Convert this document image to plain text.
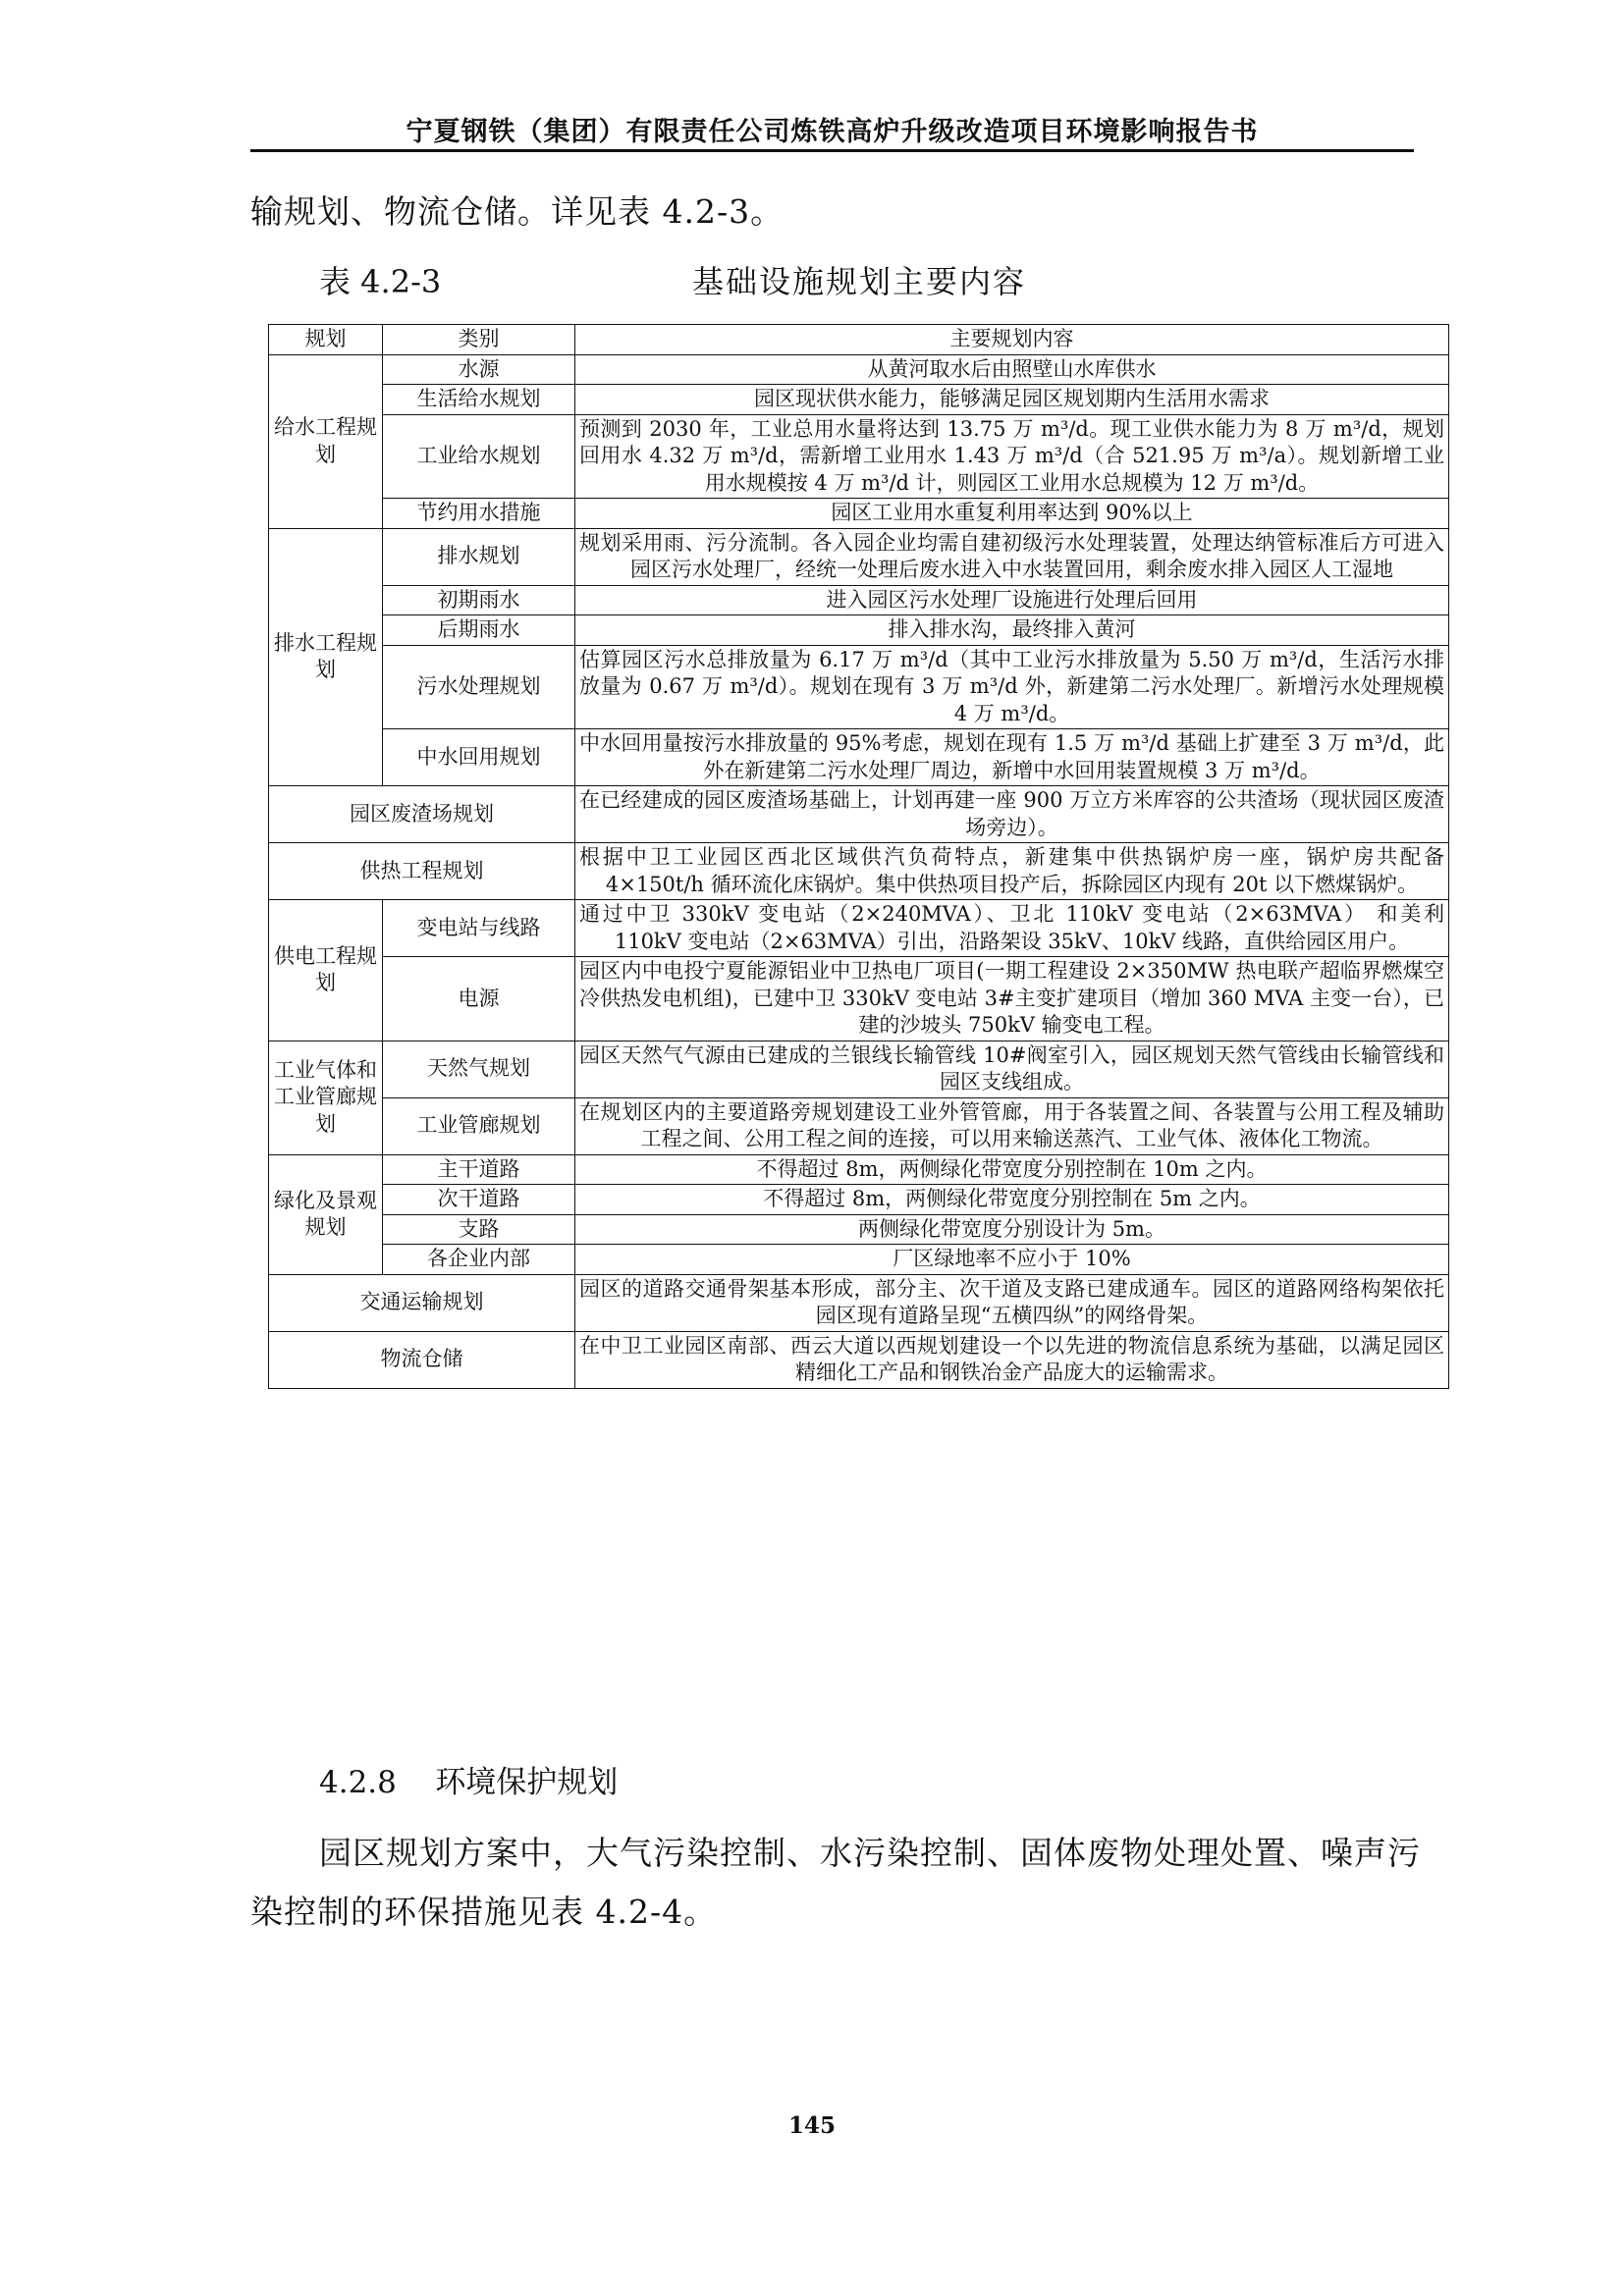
宁夏钢铁（集团）有限责任公司炼铁高炉升级改造项目环境影响报告书
输规划、物流仓储。详见表 4.2-3。
表 4.2-3	基础设施规划主要内容
规划	类别	主要规划内容
给水工程规划	水源	从黄河取水后由照壁山水库供水
	生活给水规划	园区现状供水能力，能够满足园区规划期内生活用水需求
	工业给水规划	预测到 2030 年，工业总用水量将达到 13.75 万 m³/d。现工业供水能力为 8 万 m³/d，规划回用水 4.32 万 m³/d，需新增工业用水 1.43 万 m³/d（合 521.95 万 m³/a）。规划新增工业用水规模按 4 万 m³/d 计，则园区工业用水总规模为 12 万 m³/d。
	节约用水措施	园区工业用水重复利用率达到 90%以上
排水工程规划	排水规划	规划采用雨、污分流制。各入园企业均需自建初级污水处理装置，处理达纳管标准后方可进入园区污水处理厂，经统一处理后废水进入中水装置回用，剩余废水排入园区人工湿地
	初期雨水	进入园区污水处理厂设施进行处理后回用
	后期雨水	排入排水沟，最终排入黄河
	污水处理规划	估算园区污水总排放量为 6.17 万 m³/d（其中工业污水排放量为 5.50 万 m³/d，生活污水排放量为 0.67 万 m³/d）。规划在现有 3 万 m³/d 外，新建第二污水处理厂。新增污水处理规模 4 万 m³/d。
	中水回用规划	中水回用量按污水排放量的 95%考虑，规划在现有 1.5 万 m³/d 基础上扩建至 3 万 m³/d，此外在新建第二污水处理厂周边，新增中水回用装置规模 3 万 m³/d。
园区废渣场规划		在已经建成的园区废渣场基础上，计划再建一座 900 万立方米库容的公共渣场（现状园区废渣场旁边）。
供热工程规划		根据中卫工业园区西北区域供汽负荷特点，新建集中供热锅炉房一座，锅炉房共配备 4×150t/h 循环流化床锅炉。集中供热项目投产后，拆除园区内现有 20t 以下燃煤锅炉。
供电工程规划	变电站与线路	通过中卫 330kV 变电站（2×240MVA）、卫北 110kV 变电站（2×63MVA） 和美利 110kV 变电站（2×63MVA）引出，沿路架设 35kV、10kV 线路，直供给园区用户。
	电源	园区内中电投宁夏能源铝业中卫热电厂项目(一期工程建设 2×350MW 热电联产超临界燃煤空冷供热发电机组)，已建中卫 330kV 变电站 3#主变扩建项目（增加 360 MVA 主变一台），已建的沙坡头 750kV 输变电工程。
工业气体和工业管廊规划	天然气规划	园区天然气气源由已建成的兰银线长输管线 10#阀室引入，园区规划天然气管线由长输管线和园区支线组成。
	工业管廊规划	在规划区内的主要道路旁规划建设工业外管管廊，用于各装置之间、各装置与公用工程及辅助工程之间、公用工程之间的连接，可以用来输送蒸汽、工业气体、液体化工物流。
绿化及景观规划	主干道路	不得超过 8m，两侧绿化带宽度分别控制在 10m 之内。
	次干道路	不得超过 8m，两侧绿化带宽度分别控制在 5m 之内。
	支路	两侧绿化带宽度分别设计为 5m。
	各企业内部	厂区绿地率不应小于 10%
交通运输规划		园区的道路交通骨架基本形成，部分主、次干道及支路已建成通车。园区的道路网络构架依托园区现有道路呈现“五横四纵”的网络骨架。
物流仓储		在中卫工业园区南部、西云大道以西规划建设一个以先进的物流信息系统为基础，以满足园区精细化工产品和钢铁冶金产品庞大的运输需求。
4.2.8 环境保护规划
园区规划方案中，大气污染控制、水污染控制、固体废物处理处置、噪声污
染控制的环保措施见表 4.2-4。
145
